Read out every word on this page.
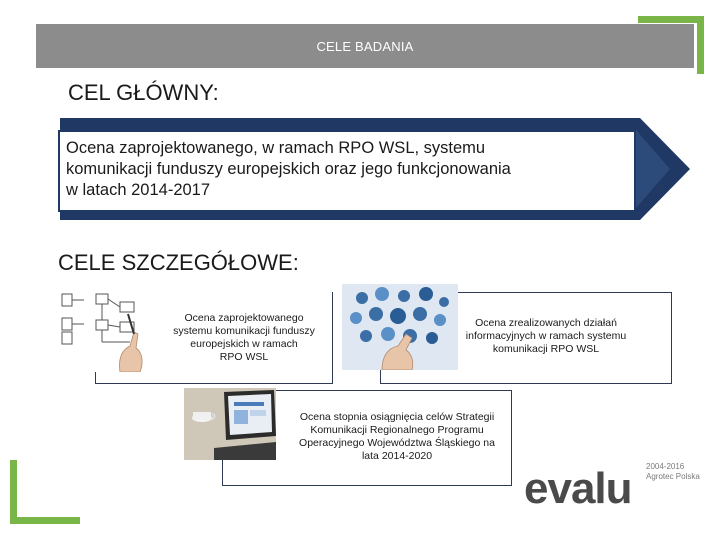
CELE BADANIA
CEL GŁÓWNY:
Ocena zaprojektowanego, w ramach RPO WSL, systemu
komunikacji funduszy europejskich oraz jego funkcjonowania
w latach 2014-2017
CELE SZCZEGÓŁOWE:
Ocena zaprojektowanego
systemu komunikacji funduszy
europejskich w ramach
RPO WSL
Ocena zrealizowanych działań
informacyjnych w ramach systemu
komunikacji RPO WSL
Ocena stopnia osiągnięcia celów Strategii
Komunikacji Regionalnego Programu
Operacyjnego Województwa Śląskiego na
lata 2014-2020
evalu 2004-2016
Agrotec Polska
